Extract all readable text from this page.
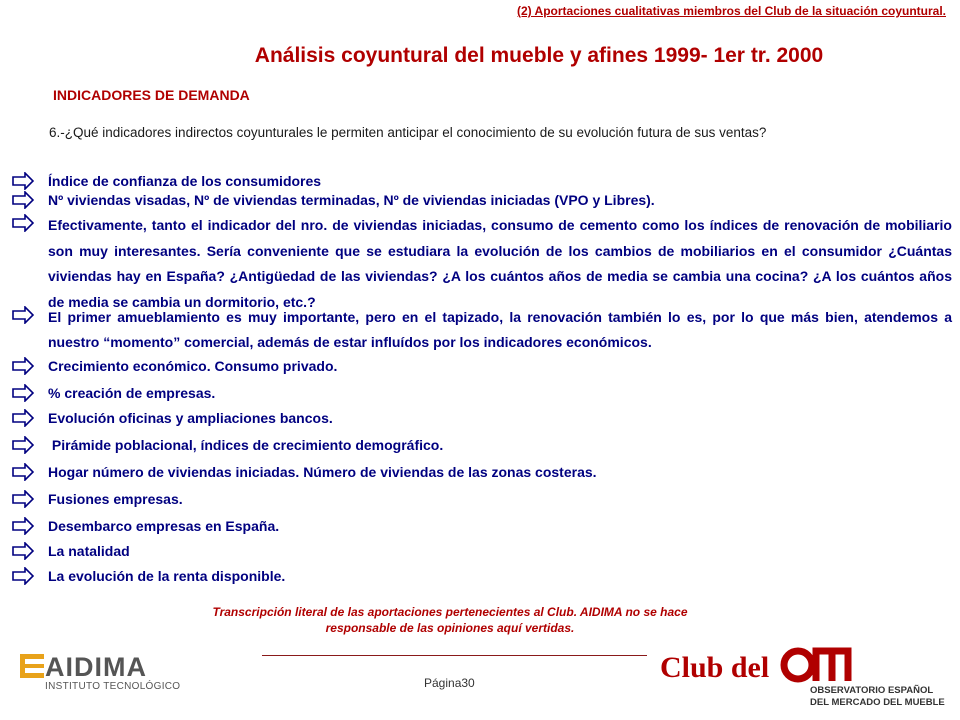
(2) Aportaciones cualitativas miembros del Club de la situación coyuntural.
Análisis coyuntural del mueble y afines 1999- 1er tr. 2000
INDICADORES DE DEMANDA
6.-¿Qué indicadores indirectos coyunturales le permiten anticipar el conocimiento de su evolución futura de sus ventas?
Índice de confianza de los consumidores
Nº viviendas visadas, Nº de viviendas terminadas, Nº de viviendas iniciadas (VPO y Libres).
Efectivamente, tanto el indicador del nro. de viviendas iniciadas, consumo de cemento como los índices de renovación de mobiliario son muy interesantes. Sería conveniente que se estudiara la evolución de los cambios de mobiliarios en el consumidor ¿Cuántas viviendas hay en España? ¿Antigüedad de las viviendas? ¿A los cuántos años de media se cambia una cocina? ¿A los cuántos años de media se cambia un dormitorio, etc.?
El primer amueblamiento es muy importante, pero en el tapizado, la renovación también lo es, por lo que más bien, atendemos a nuestro “momento” comercial, además de estar influídos por los indicadores económicos.
Crecimiento económico. Consumo privado.
% creación de empresas.
Evolución oficinas y ampliaciones bancos.
Pirámide poblacional, índices de crecimiento demográfico.
Hogar número de viviendas iniciadas. Número de viviendas de las zonas costeras.
Fusiones empresas.
Desembarco empresas en España.
La natalidad
La evolución de la renta disponible.
Transcripción literal de las aportaciones pertenecientes al Club. AIDIMA no se hace
responsable de las opiniones aquí vertidas.
AIDIMA
INSTITUTO TECNOLÓGICO	Página30	Club del
OBSERVATORIO ESPAÑOL
DEL MERCADO DEL MUEBLE
